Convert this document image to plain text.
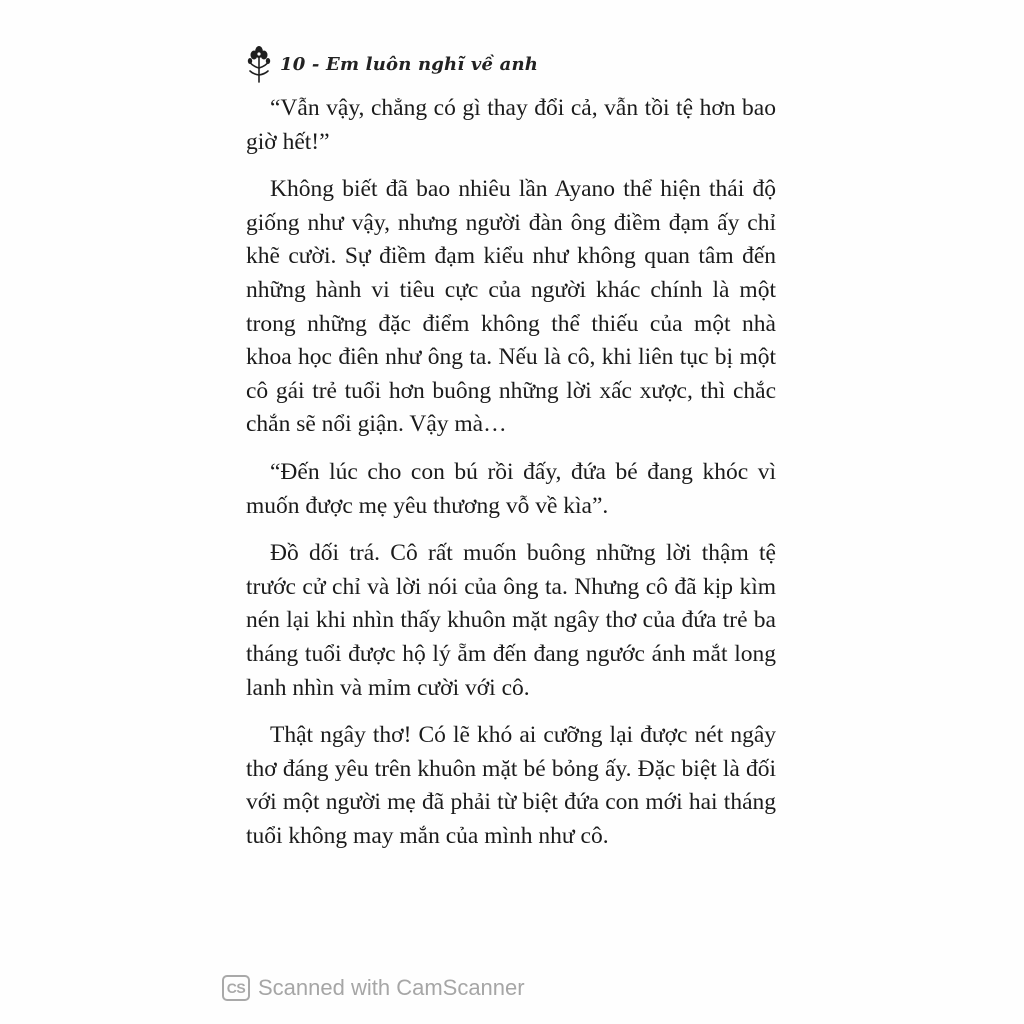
10 - Em luôn nghĩ về anh

“Vẫn vậy, chẳng có gì thay đổi cả, vẫn tồi tệ hơn bao giờ hết!”

Không biết đã bao nhiêu lần Ayano thể hiện thái độ giống như vậy, nhưng người đàn ông điềm đạm ấy chỉ khẽ cười. Sự điềm đạm kiểu như không quan tâm đến những hành vi tiêu cực của người khác chính là một trong những đặc điểm không thể thiếu của một nhà khoa học điên như ông ta. Nếu là cô, khi liên tục bị một cô gái trẻ tuổi hơn buông những lời xấc xược, thì chắc chắn sẽ nổi giận. Vậy mà…

“Đến lúc cho con bú rồi đấy, đứa bé đang khóc vì muốn được mẹ yêu thương vỗ về kìa”.

Đồ dối trá. Cô rất muốn buông những lời thậm tệ trước cử chỉ và lời nói của ông ta. Nhưng cô đã kịp kìm nén lại khi nhìn thấy khuôn mặt ngây thơ của đứa trẻ ba tháng tuổi được hộ lý ẵm đến đang ngước ánh mắt long lanh nhìn và mỉm cười với cô.

Thật ngây thơ! Có lẽ khó ai cưỡng lại được nét ngây thơ đáng yêu trên khuôn mặt bé bỏng ấy. Đặc biệt là đối với một người mẹ đã phải từ biệt đứa con mới hai tháng tuổi không may mắn của mình như cô.

CS Scanned with CamScanner
